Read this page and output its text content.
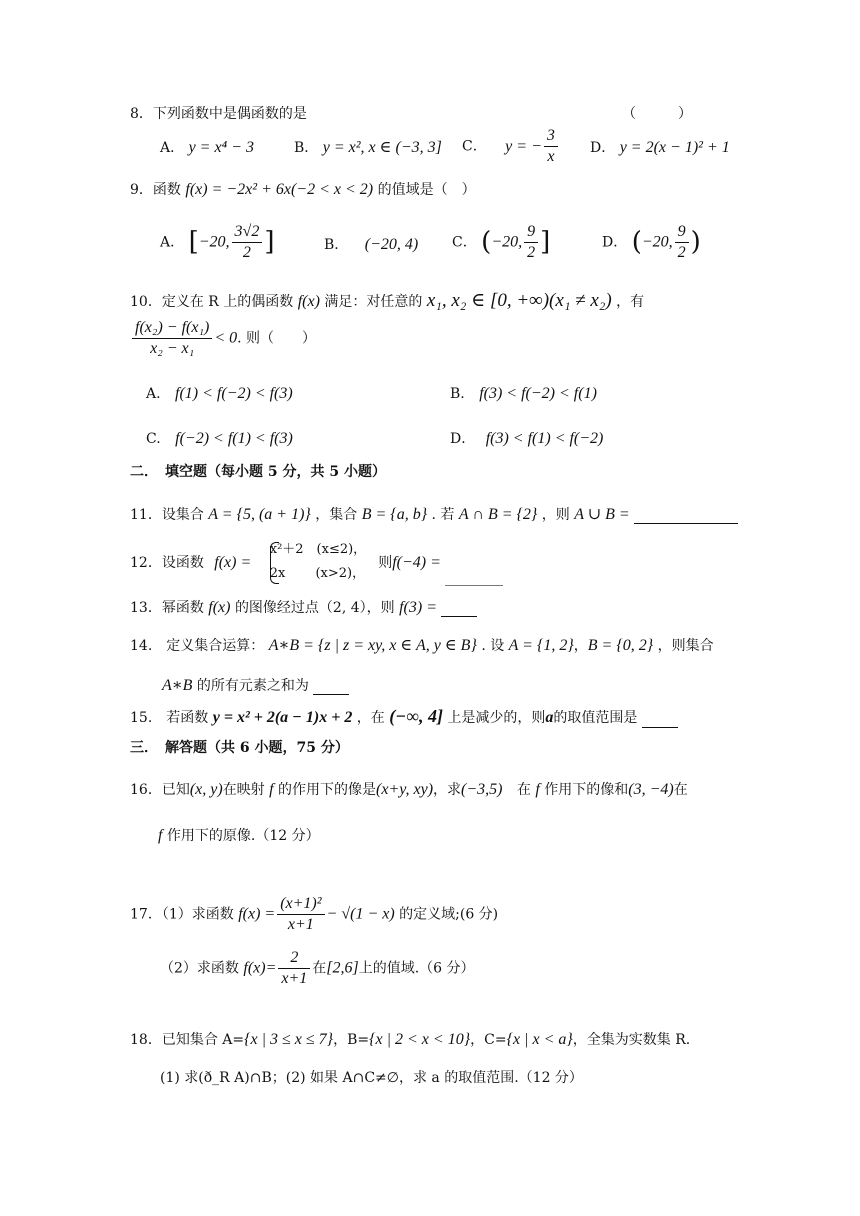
8．下列函数中是偶函数的是	（　　　）
A． y = x⁴ − 3	B． y = x², x ∈ (−3, 3] C． y = − $\frac{3}{x}$ D． y = 2(x − 1)² + 1
9．函数 f(x) = −2x² + 6x(−2 < x < 2) 的值域是（　）
A． [−20, $\frac{3√2}{2}$ ]	B． (−20, 4) C． (−20, $\frac{9}{2}$ ]	D． (−20, $\frac{9}{2}$ )
10．定义在 R 上的偶函数 f(x) 满足：对任意的 x₁, x₂ ∈ [0, +∞)(x₁ ≠ x₂) ，有
$\frac{\text{f(x₂) − f(x₁)}}{\text{x₂ − x₁}} < 0$. 则（　　）
A. f(1) < f(−2) < f(3)	B. f(3) < f(−2) < f(1)
C. f(−2) < f(1) < f(3)	D． f(3) < f(1) < f(−2)
二．　填空题（每小题 5 分，共 5 小题）
11．设集合 A = {5, (a + 1)} ，集合 B = {a, b} . 若 A ∩ B = {2} ，则 A ∪ B =
12．设函数 f(x) =
x²＋2　(x≤2)，
2x　　 (x>2)，
则f(−4) =
13．幂函数 f(x) 的图像经过点（2, 4），则 f(3) =
14.　定义集合运算： A∗B = {z | z = xy, x ∈ A, y ∈ B} . 设 A = {1, 2}，B = {0, 2} ，则集合
A∗B 的所有元素之和为
15.　若函数 y = x² + 2(a − 1)x + 2 ，在 (−∞, 4] 上是减少的，则a的取值范围是
三．　解答题（共 6 小题，75 分）
16．已知(x, y)在映射 f 的作用下的像是(x+y, xy)，求(−3,5) 在 f 作用下的像和(3, −4)在
f 作用下的原像.（12 分）
17．（1）求函数 $f(x) = \frac{\text{(x+1)²}}{x+1} - √(1 - x)$ 的定义域;(6 分)
（2）求函数 $f(x)= \frac{2}{x+1}$ 在[2,6]上的值域.（6 分）
18．已知集合 A={x | 3 ≤ x ≤ 7}，B={x | 2 < x < 10}，C={x | x < a}，全集为实数集 R.
(1) 求(ð_R A)∩B；(2) 如果 A∩C≠∅，求 a 的取值范围.（12 分）
